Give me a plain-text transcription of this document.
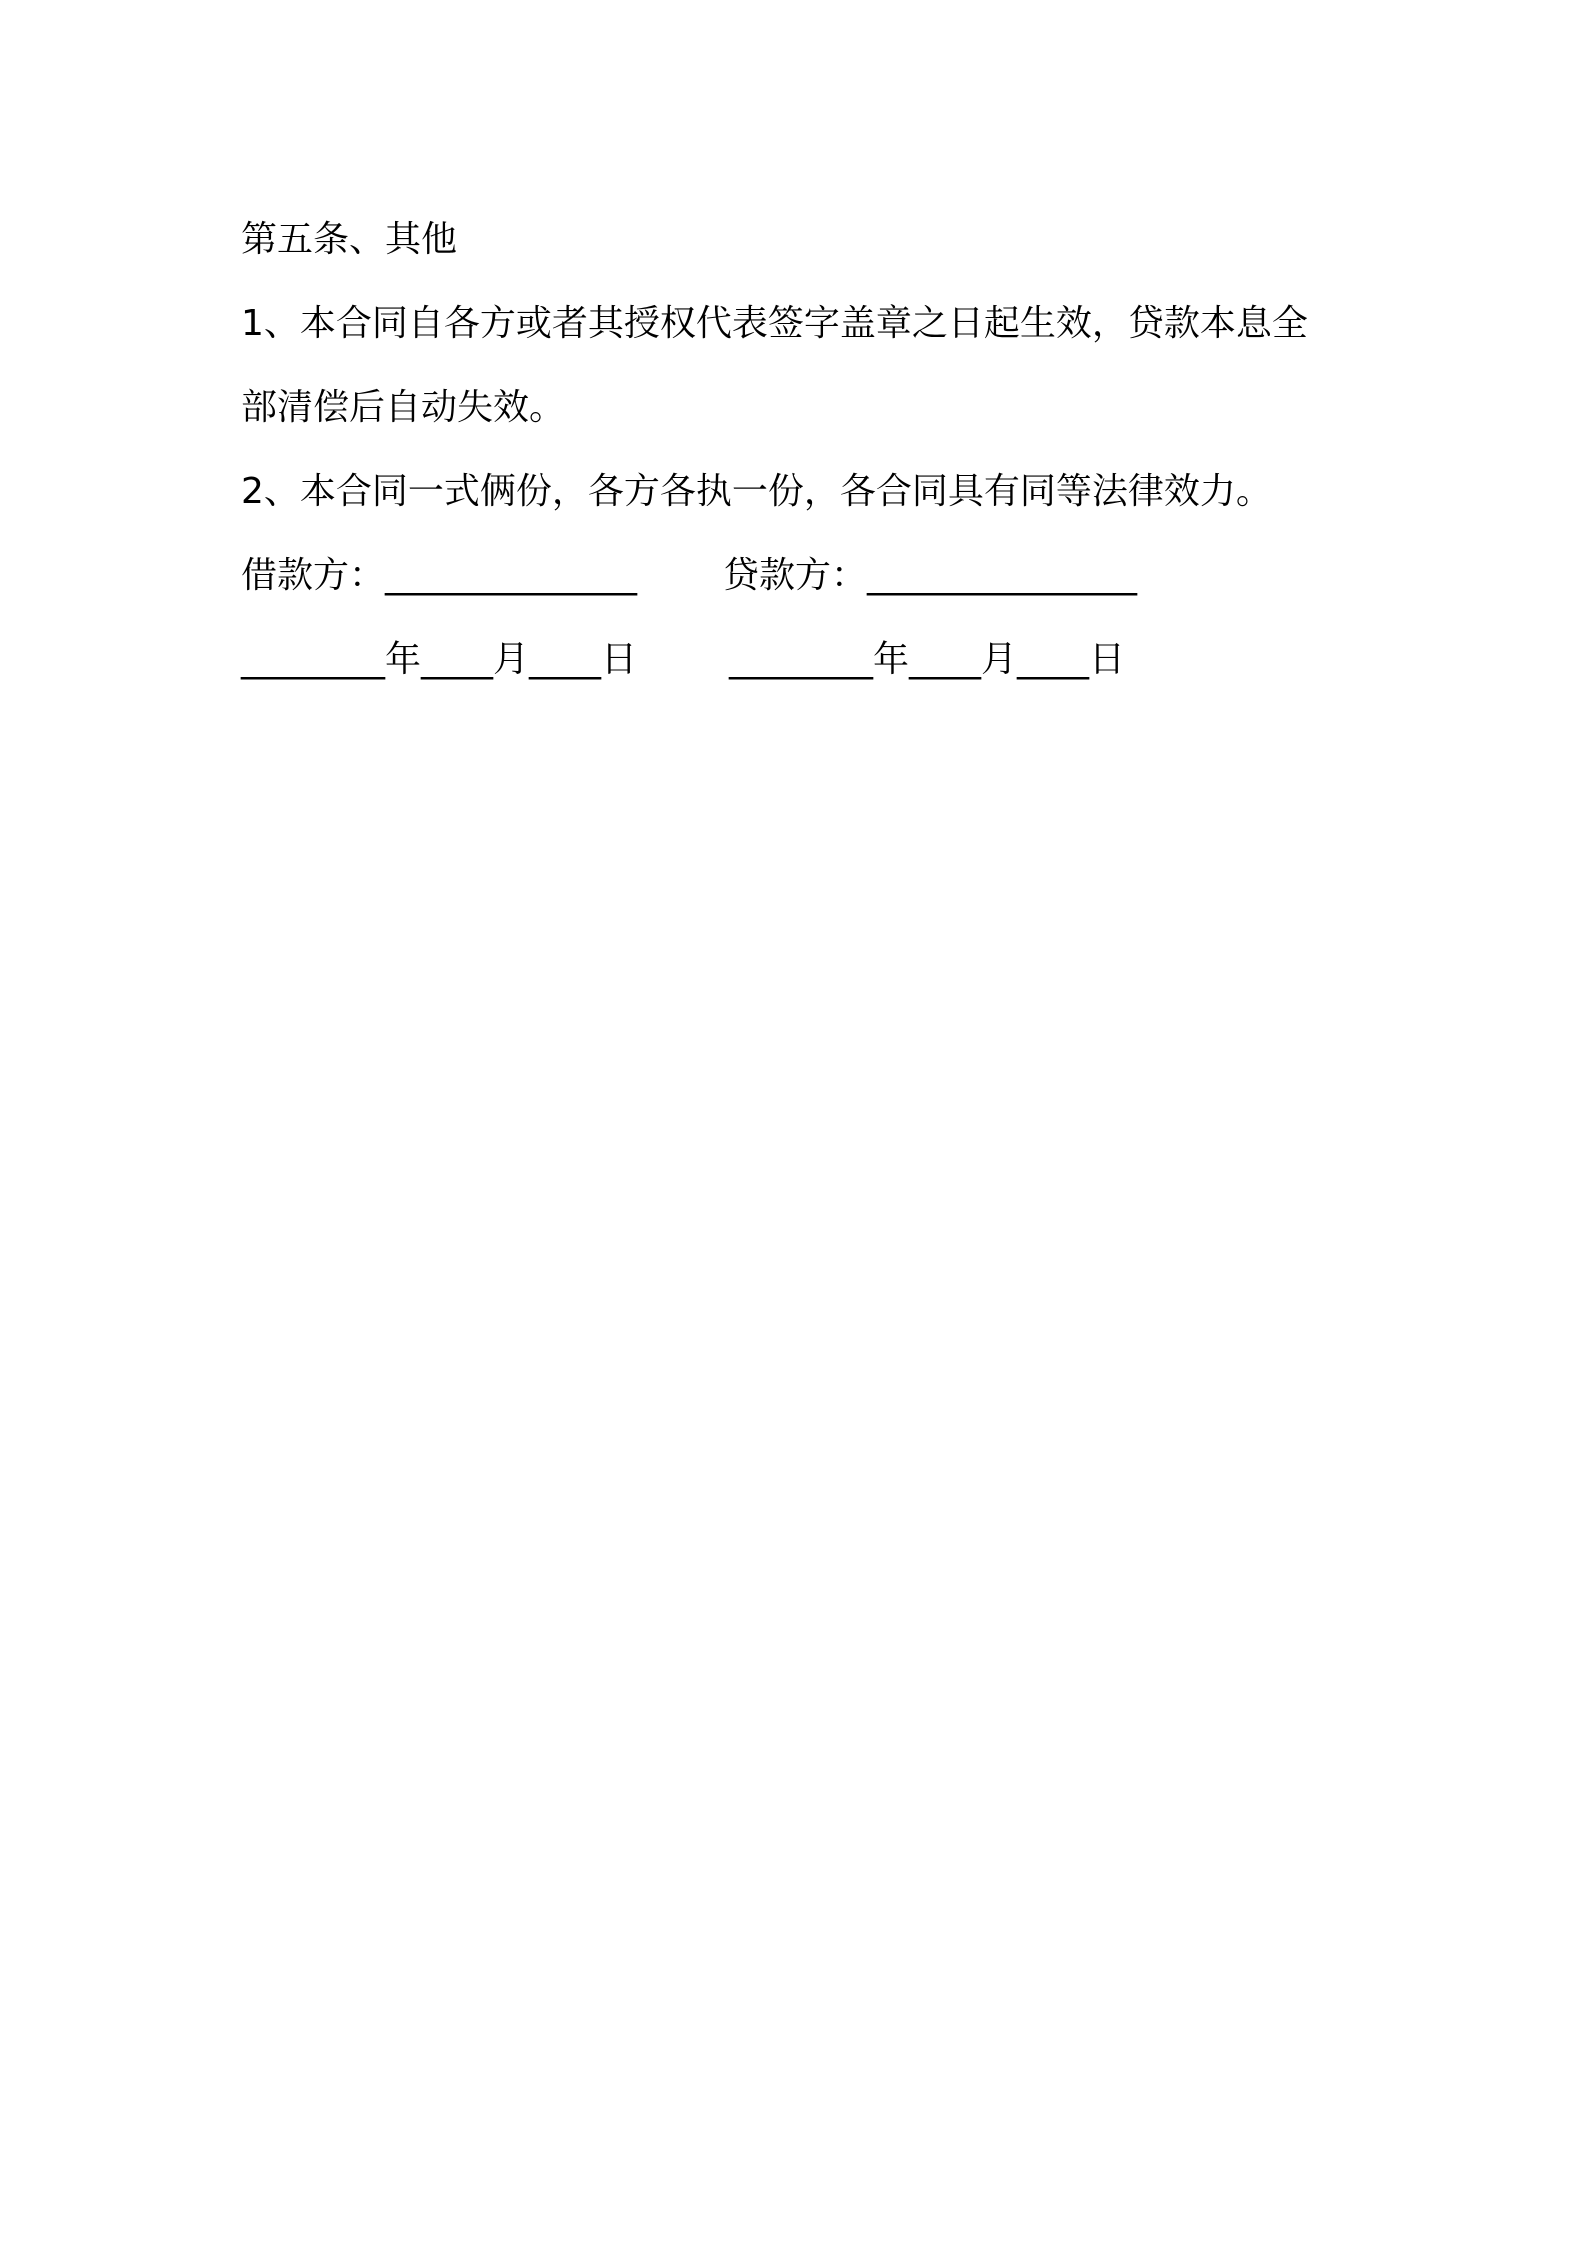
第五条、其他
1、本合同自各方或者其授权代表签字盖章之日起生效，贷款本息全
部清偿后自动失效。
2、本合同一式俩份，各方各执一份，各合同具有同等法律效力。

借款方：______________

贷款方：_______________

________年____月____日

	________年____月____日
